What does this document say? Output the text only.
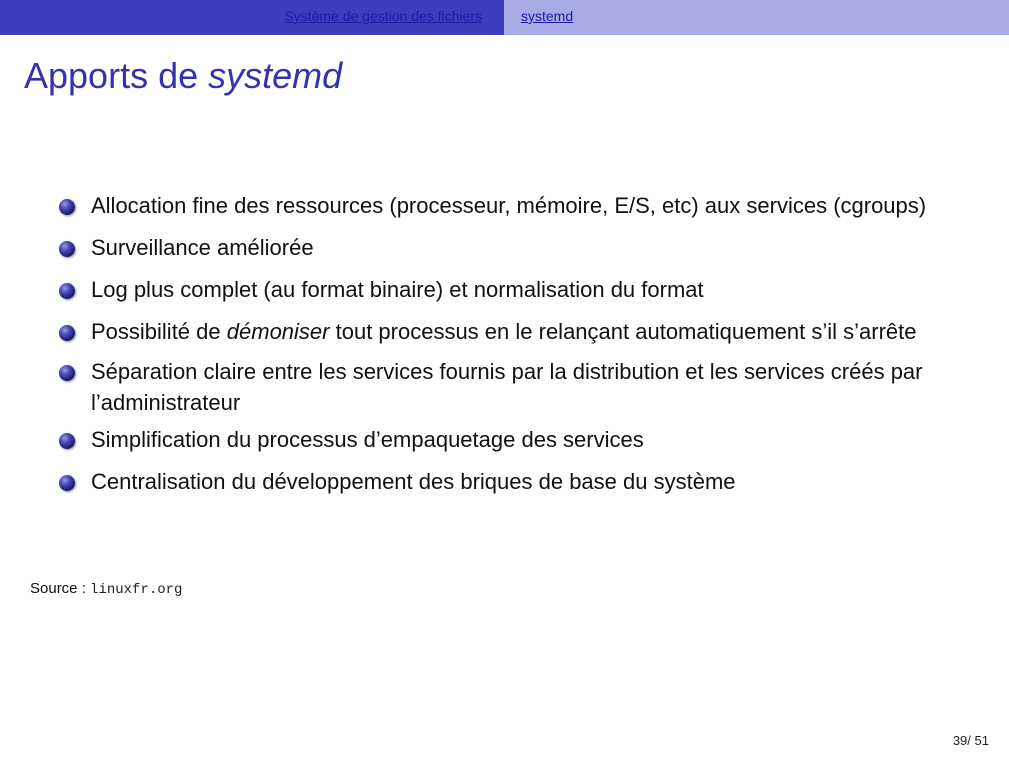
Système de gestion des fichiers	systemd
Apports de systemd
Allocation fine des ressources (processeur, mémoire, E/S, etc) aux services (cgroups)
Surveillance améliorée
Log plus complet (au format binaire) et normalisation du format
Possibilité de démoniser tout processus en le relançant automatiquement s’il s’arrête
Séparation claire entre les services fournis par la distribution et les services créés par l’administrateur
Simplification du processus d’empaquetage des services
Centralisation du développement des briques de base du système
Source : linuxfr.org
39/ 51
